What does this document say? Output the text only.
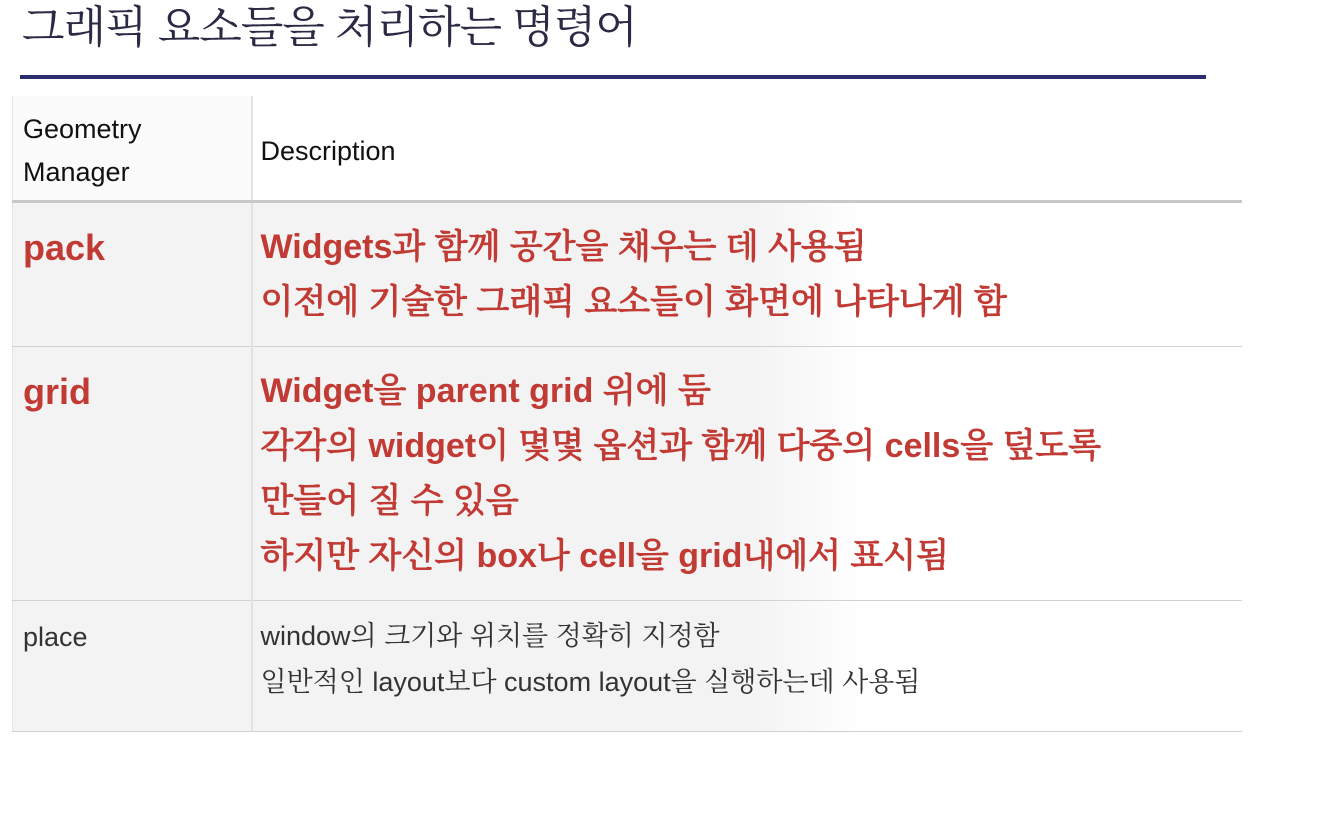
그래픽 요소들을 처리하는 명령어
Geometry
Manager	Description

pack	Widgets과 함께 공간을 채우는 데 사용됨
이전에 기술한 그래픽 요소들이 화면에 나타나게 함

grid	Widget을 parent grid 위에 둠
각각의 widget이 몇몇 옵션과 함께 다중의 cells을 덮도록
만들어 질 수 있음
하지만 자신의 box나 cell을 grid내에서 표시됨

place	window의 크기와 위치를 정확히 지정함
일반적인 layout보다 custom layout을 실행하는데 사용됨
